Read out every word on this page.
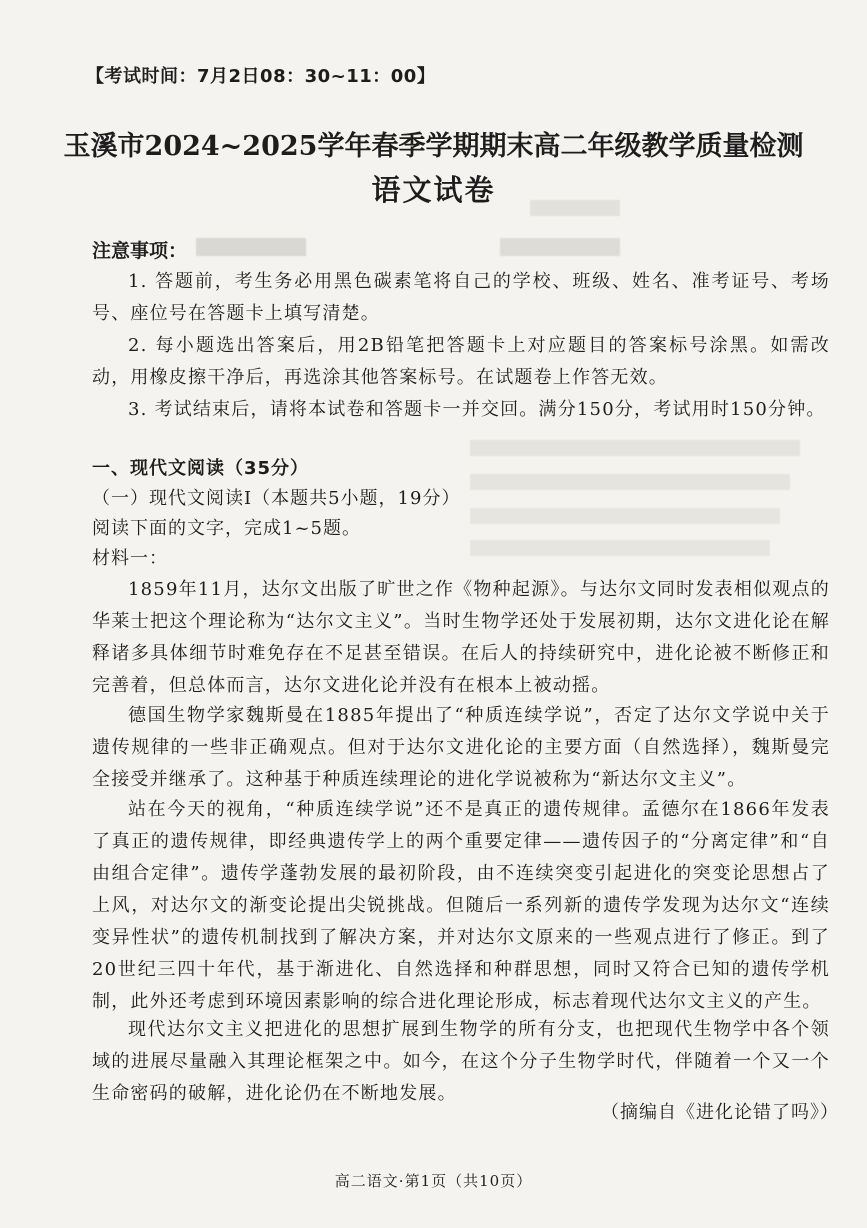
【考试时间：7月2日08：30~11：00】
玉溪市2024~2025学年春季学期期末高二年级教学质量检测
语文试卷
注意事项：

1. 答题前，考生务必用黑色碳素笔将自己的学校、班级、姓名、准考证号、考场号、座位号在答题卡上填写清楚。

2. 每小题选出答案后，用2B铅笔把答题卡上对应题目的答案标号涂黑。如需改动，用橡皮擦干净后，再选涂其他答案标号。在试题卷上作答无效。

3. 考试结束后，请将本试卷和答题卡一并交回。满分150分，考试用时150分钟。

一、现代文阅读（35分）
（一）现代文阅读Ⅰ（本题共5小题，19分）
阅读下面的文字，完成1~5题。
材料一：

1859年11月，达尔文出版了旷世之作《物种起源》。与达尔文同时发表相似观点的华莱士把这个理论称为“达尔文主义”。当时生物学还处于发展初期，达尔文进化论在解释诸多具体细节时难免存在不足甚至错误。在后人的持续研究中，进化论被不断修正和完善着，但总体而言，达尔文进化论并没有在根本上被动摇。

德国生物学家魏斯曼在1885年提出了“种质连续学说”，否定了达尔文学说中关于遗传规律的一些非正确观点。但对于达尔文进化论的主要方面（自然选择），魏斯曼完全接受并继承了。这种基于种质连续理论的进化学说被称为“新达尔文主义”。

站在今天的视角，“种质连续学说”还不是真正的遗传规律。孟德尔在1866年发表了真正的遗传规律，即经典遗传学上的两个重要定律——遗传因子的“分离定律”和“自由组合定律”。遗传学蓬勃发展的最初阶段，由不连续突变引起进化的突变论思想占了上风，对达尔文的渐变论提出尖锐挑战。但随后一系列新的遗传学发现为达尔文“连续变异性状”的遗传机制找到了解决方案，并对达尔文原来的一些观点进行了修正。到了20世纪三四十年代，基于渐进化、自然选择和种群思想，同时又符合已知的遗传学机制，此外还考虑到环境因素影响的综合进化理论形成，标志着现代达尔文主义的产生。

现代达尔文主义把进化的思想扩展到生物学的所有分支，也把现代生物学中各个领域的进展尽量融入其理论框架之中。如今，在这个分子生物学时代，伴随着一个又一个生命密码的破解，进化论仍在不断地发展。

（摘编自《进化论错了吗》）
高二语文·第1页（共10页）
